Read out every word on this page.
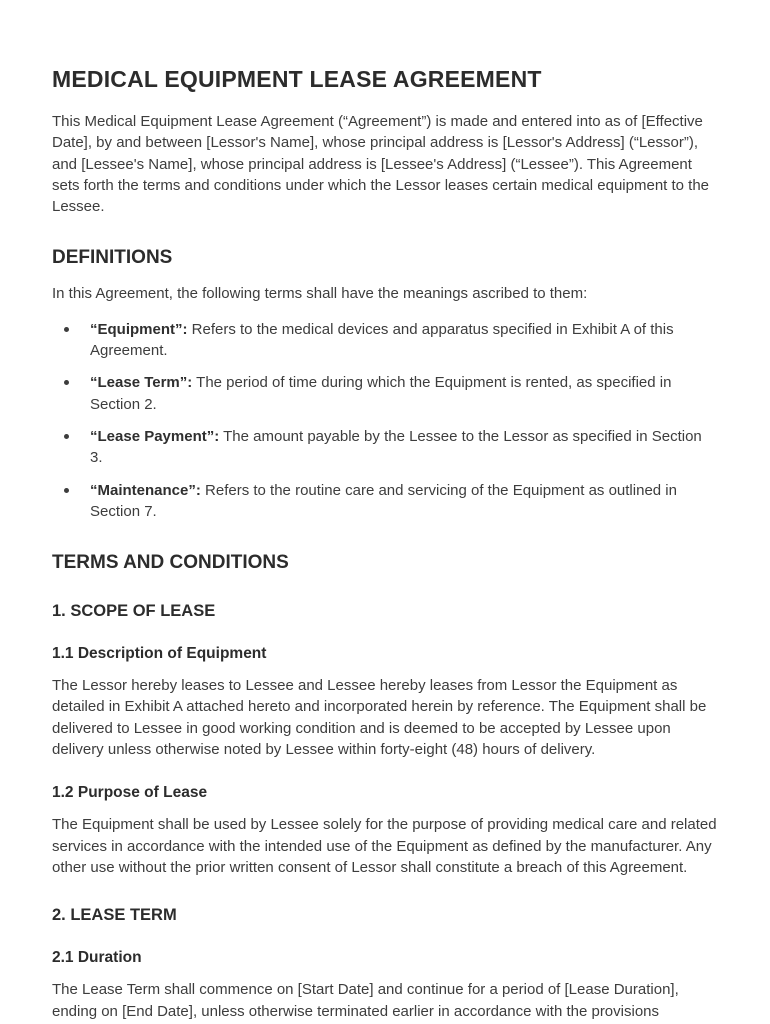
MEDICAL EQUIPMENT LEASE AGREEMENT

This Medical Equipment Lease Agreement (“Agreement”) is made and entered into as of [Effective Date], by and between [Lessor's Name], whose principal address is [Lessor's Address] (“Lessor”), and [Lessee's Name], whose principal address is [Lessee's Address] (“Lessee”). This Agreement sets forth the terms and conditions under which the Lessor leases certain medical equipment to the Lessee.

DEFINITIONS

In this Agreement, the following terms shall have the meanings ascribed to them:

“Equipment”: Refers to the medical devices and apparatus specified in Exhibit A of this Agreement.
“Lease Term”: The period of time during which the Equipment is rented, as specified in Section 2.
“Lease Payment”: The amount payable by the Lessee to the Lessor as specified in Section 3.
“Maintenance”: Refers to the routine care and servicing of the Equipment as outlined in Section 7.
TERMS AND CONDITIONS
1. SCOPE OF LEASE
1.1 Description of Equipment

The Lessor hereby leases to Lessee and Lessee hereby leases from Lessor the Equipment as detailed in Exhibit A attached hereto and incorporated herein by reference. The Equipment shall be delivered to Lessee in good working condition and is deemed to be accepted by Lessee upon delivery unless otherwise noted by Lessee within forty-eight (48) hours of delivery.

1.2 Purpose of Lease

The Equipment shall be used by Lessee solely for the purpose of providing medical care and related services in accordance with the intended use of the Equipment as defined by the manufacturer. Any other use without the prior written consent of Lessor shall constitute a breach of this Agreement.

2. LEASE TERM
2.1 Duration

The Lease Term shall commence on [Start Date] and continue for a period of [Lease Duration], ending on [End Date], unless otherwise terminated earlier in accordance with the provisions
